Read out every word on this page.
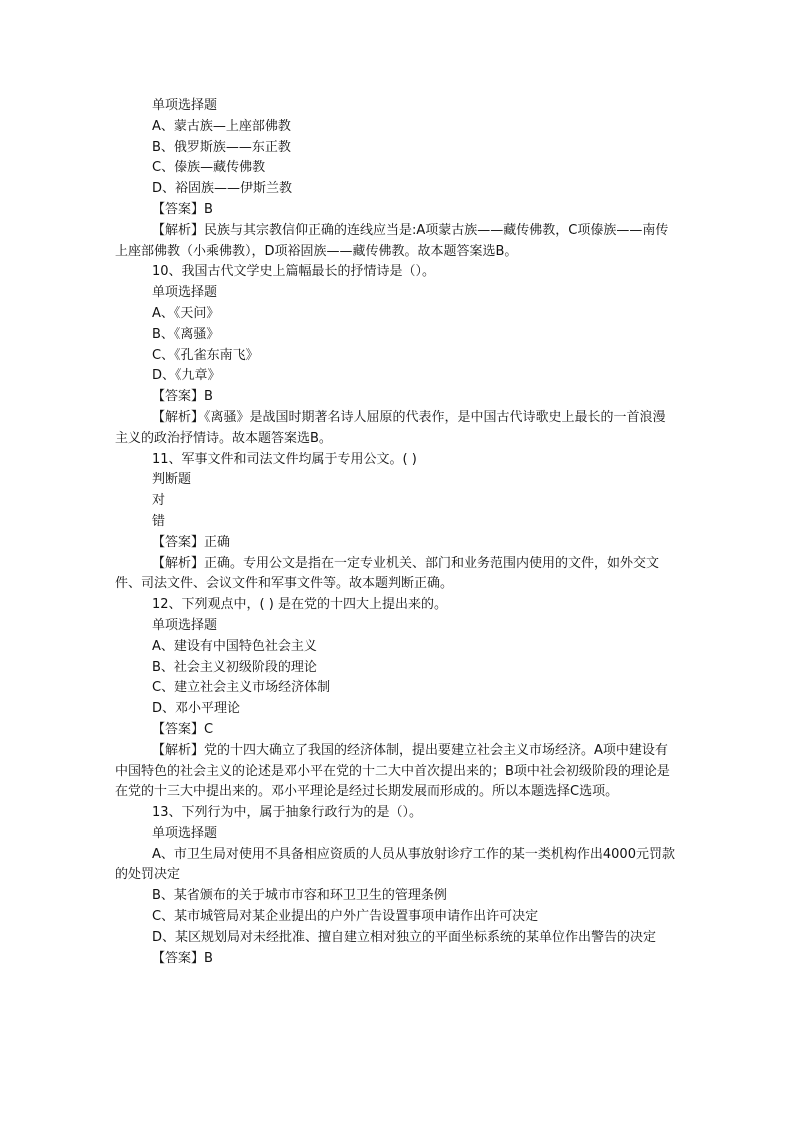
单项选择题
A、蒙古族—上座部佛教
B、俄罗斯族——东正教
C、傣族—藏传佛教
D、裕固族——伊斯兰教
【答案】B
【解析】民族与其宗教信仰正确的连线应当是:A项蒙古族——藏传佛教，C项傣族——南传上座部佛教（小乘佛教），D项裕固族——藏传佛教。故本题答案选B。
10、我国古代文学史上篇幅最长的抒情诗是（）。
单项选择题
A、《天问》
B、《离骚》
C、《孔雀东南飞》
D、《九章》
【答案】B
【解析】《离骚》是战国时期著名诗人屈原的代表作，是中国古代诗歌史上最长的一首浪漫主义的政治抒情诗。故本题答案选B。
11、军事文件和司法文件均属于专用公文。( )
判断题
对
错
【答案】正确
【解析】正确。专用公文是指在一定专业机关、部门和业务范围内使用的文件，如外交文件、司法文件、会议文件和军事文件等。故本题判断正确。
12、下列观点中，( ) 是在党的十四大上提出来的。
单项选择题
A、建设有中国特色社会主义
B、社会主义初级阶段的理论
C、建立社会主义市场经济体制
D、邓小平理论
【答案】C
【解析】党的十四大确立了我国的经济体制，提出要建立社会主义市场经济。A项中建设有中国特色的社会主义的论述是邓小平在党的十二大中首次提出来的；B项中社会初级阶段的理论是在党的十三大中提出来的。邓小平理论是经过长期发展而形成的。所以本题选择C选项。
13、下列行为中，属于抽象行政行为的是（）。
单项选择题
A、市卫生局对使用不具备相应资质的人员从事放射诊疗工作的某一类机构作出4000元罚款的处罚决定
B、某省颁布的关于城市市容和环卫卫生的管理条例
C、某市城管局对某企业提出的户外广告设置事项申请作出许可决定
D、某区规划局对未经批准、擅自建立相对独立的平面坐标系统的某单位作出警告的决定
【答案】B
